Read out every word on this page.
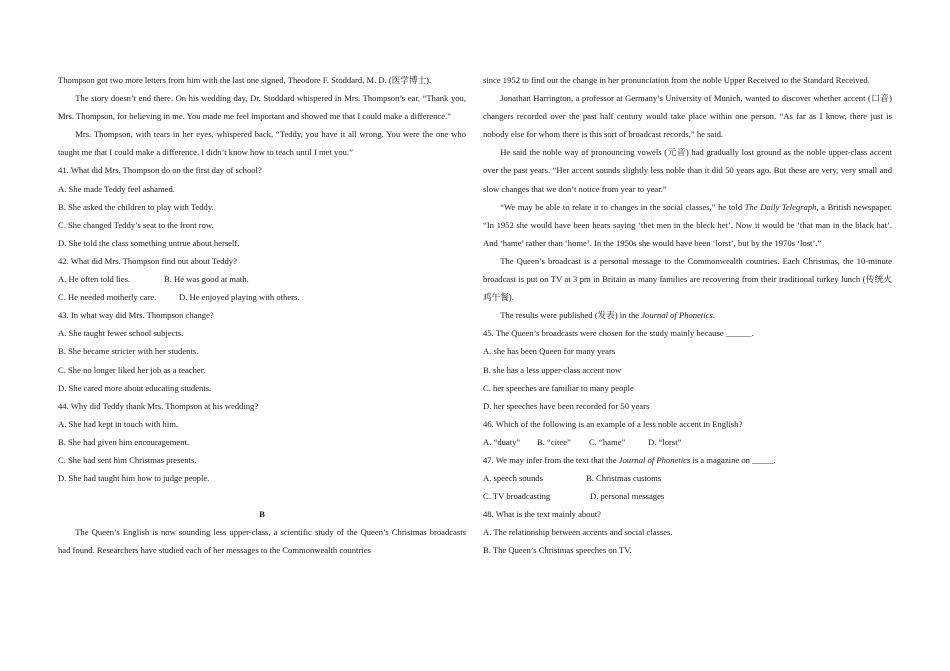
Thompson got two more letters from him with the last one signed, Theodore F. Stoddard, M. D. (医学博士).

The story doesn’t end there. On his wedding day, Dr. Stoddard whispered in Mrs. Thompson’s ear, “Thank you, Mrs. Thompson, for believing in me. You made me feel important and showed me that I could make a difference.”

Mrs. Thompson, with tears in her eyes, whispered back, “Teddy, you have it all wrong. You were the one who taught me that I could make a difference. I didn’t know how to teach until I met you.”

41. What did Mrs. Thompson do on the first day of school?

A. She made Teddy feel ashamed.

B. She asked the children to play with Teddy.

C. She changed Teddy’s seat to the front row.

D. She told the class something untrue about herself.

42. What did Mrs. Thompson find out about Teddy?

A. He often told lies.	B. He was good at math.

C. He needed motherly care.	D. He enjoyed playing with others.

43. In what way did Mrs. Thompson change?

A. She taught fewer school subjects.

B. She became stricter with her students.

C. She no longer liked her job as a teacher.

D. She cared more about educating students.

44. Why did Teddy thank Mrs. Thompson at his wedding?

A. She had kept in touch with him.

B. She had given him encouragement.

C. She had sent him Christmas presents.

D. She had taught him how to judge people.

B

The Queen’s English is now sounding less upper-class, a scientific study of the Queen’s Christmas broadcasts had found. Researchers have studied each of her messages to the Commonwealth countries

since 1952 to find out the change in her pronunciation from the noble Upper Received to the Standard Received.

Jonathan Harrington, a professor at Germany’s University of Munich, wanted to discover whether accent (口音) changers recorded over the past half century would take place within one person. “As far as I know, there just is nobody else for whom there is this sort of broadcast records,” he said.

He said the noble way of pronouncing vowels (元音) had gradually lost ground as the noble upper-class accent over the past years. “Her accent sounds slightly less noble than it did 50 years ago. But these are very, very small and slow changes that we don’t notice from year to year.”

“We may be able to relate it to changes in the social classes,” he told The Daily Telegraph, a British newspaper. “In 1952 she would have been hears saying ‘thet men in the bleck het’. Now it would be ‘that man in the black hat’. And ‘hame’ rather than ‘home’. In the 1950s she would have been ‘lorst’, but by the 1970s ‘lost’.”

The Queen’s broadcast is a personal message to the Commonwealth countries. Each Christmas, the 10-minute broadcast is put on TV at 3 pm in Britain as many families are recovering from their traditional turkey lunch (传统火鸡午餐).

The results were published (发表) in the Journal of Phonetics.

45. The Queen’s broadcasts were chosen for the study mainly because ______.

A. she has been Queen for many years

B. she has a less upper-class accent now

C. her speeches are familiar to many people

D. her speeches have been recorded for 50 years

46. Which of the following is an example of a less noble accent in English?

A. “duaty” B. “citee” C. “hame”	D. “lorst”

47. We may infer from the text that the Journal of Phonetics is a magazine on _____.

A. speech sounds	B. Christmas customs

C. TV broadcasting	D. personal messages

48. What is the text mainly about?

A. The relationship between accents and social classes.

B. The Queen’s Christmas speeches on TV.
